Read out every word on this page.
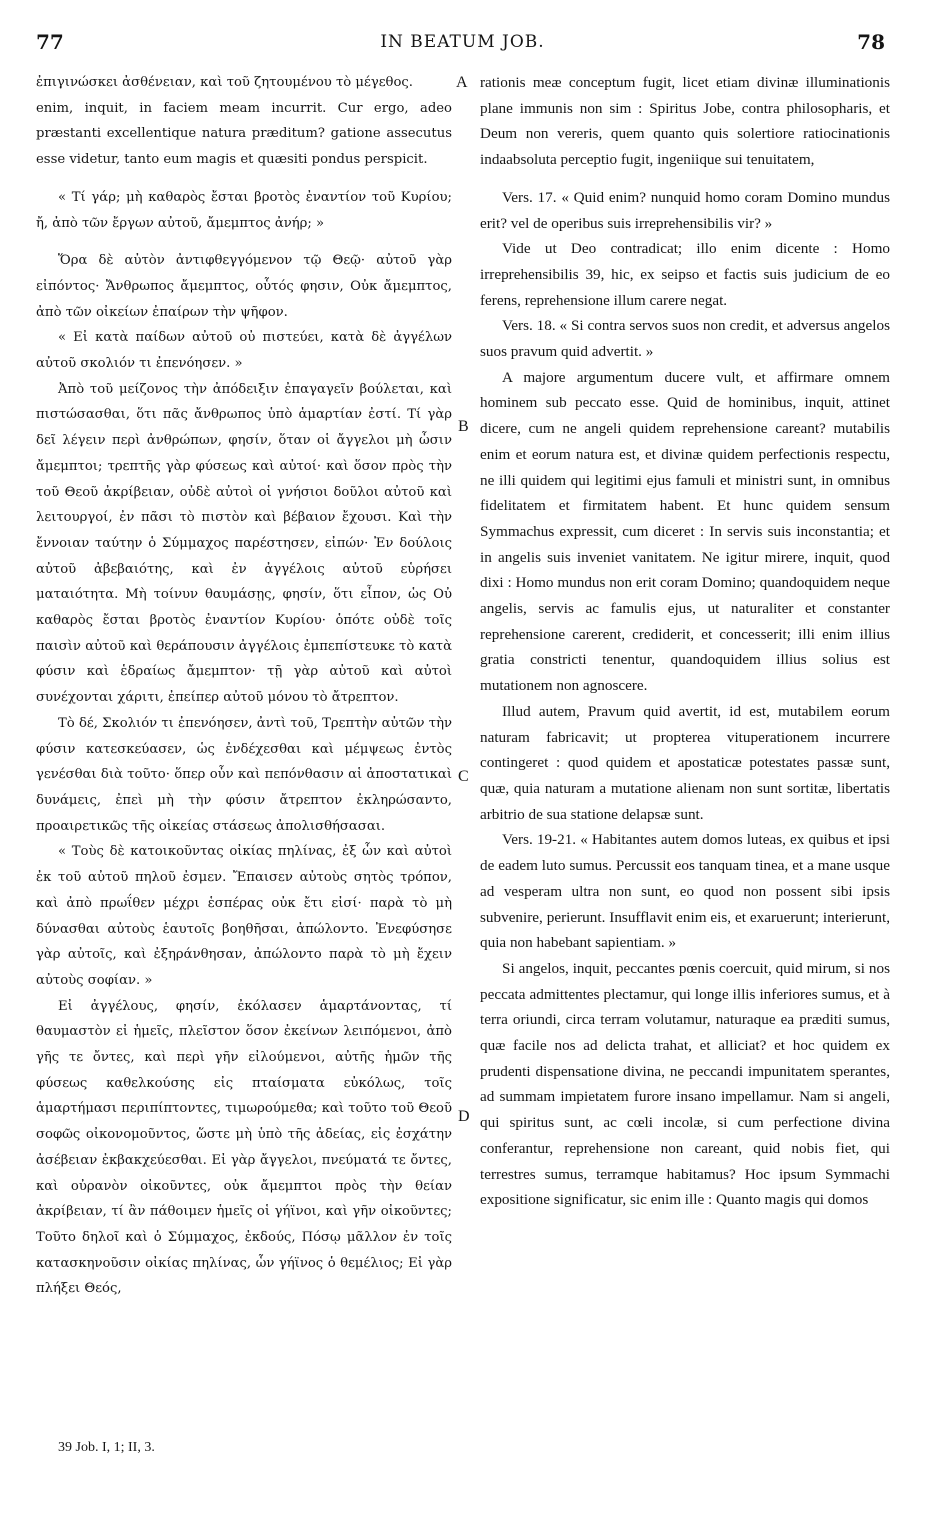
77	IN BEATUM JOB.	78

ἐπιγινώσκει ἀσθένειαν, καὶ τοῦ ζητουμένου τὸ μέγεθος.

enim, inquit, in faciem meam incurrit. Cur ergo, adeo præstanti excellentique natura præditum? gatione assecutus esse videtur, tanto eum magis et quæsiti pondus perspicit.

« Τί γάρ; μὴ καθαρὸς ἔσται βροτὸς ἐναντίον τοῦ Κυρίου; ἤ, ἀπὸ τῶν ἔργων αὐτοῦ, ἄμεμπτος ἀνήρ; »

Ὅρα δὲ αὐτὸν ἀντιφθεγγόμενον τῷ Θεῷ· αὐτοῦ γὰρ εἰπόντος· Ἄνθρωπος ἄμεμπτος, οὗτός φησιν, Οὐκ ἄμεμπτος, ἀπὸ τῶν οἰκείων ἐπαίρων τὴν ψῆφον.

« Εἰ κατὰ παίδων αὐτοῦ οὐ πιστεύει, κατὰ δὲ ἀγγέλων αὐτοῦ σκολιόν τι ἐπενόησεν. »

Ἀπὸ τοῦ μείζονος τὴν ἀπόδειξιν ἐπαγαγεῖν βούλεται, καὶ πιστώσασθαι, ὅτι πᾶς ἄνθρωπος ὑπὸ ἁμαρτίαν ἐστί. Τί γὰρ δεῖ λέγειν περὶ ἀνθρώπων, φησίν, ὅταν οἱ ἄγγελοι μὴ ὦσιν ἄμεμπτοι; τρεπτῆς γὰρ φύσεως καὶ αὐτοί· καὶ ὅσον πρὸς τὴν τοῦ Θεοῦ ἀκρίβειαν, οὐδὲ αὐτοὶ οἱ γνήσιοι δοῦλοι αὐτοῦ καὶ λειτουργοί, ἐν πᾶσι τὸ πιστὸν καὶ βέβαιον ἔχουσι. Καὶ τὴν ἔννοιαν ταύτην ὁ Σύμμαχος παρέστησεν, εἰπών· Ἐν δούλοις αὐτοῦ ἀβεβαιότης, καὶ ἐν ἀγγέλοις αὐτοῦ εὑρήσει ματαιότητα. Μὴ τοίνυν θαυμάσῃς, φησίν, ὅτι εἶπον, ὡς Οὐ καθαρὸς ἔσται βροτὸς ἐναντίον Κυρίου· ὁπότε οὐδὲ τοῖς παισὶν αὐτοῦ καὶ θεράπουσιν ἀγγέλοις ἐμπεπίστευκε τὸ κατὰ φύσιν καὶ ἑδραίως ἄμεμπτον· τῇ γὰρ αὐτοῦ καὶ αὐτοὶ συνέχονται χάριτι, ἐπείπερ αὐτοῦ μόνου τὸ ἄτρεπτον.

Τὸ δέ, Σκολιόν τι ἐπενόησεν, ἀντὶ τοῦ, Τρεπτὴν αὐτῶν τὴν φύσιν κατεσκεύασεν, ὡς ἐνδέχεσθαι καὶ μέμψεως ἐντὸς γενέσθαι διὰ τοῦτο· ὅπερ οὖν καὶ πεπόνθασιν αἱ ἀποστατικαὶ δυνάμεις, ἐπεὶ μὴ τὴν φύσιν ἄτρεπτον ἐκληρώσαντο, προαιρετικῶς τῆς οἰκείας στάσεως ἀπολισθήσασαι.

« Τοὺς δὲ κατοικοῦντας οἰκίας πηλίνας, ἐξ ὧν καὶ αὐτοὶ ἐκ τοῦ αὐτοῦ πηλοῦ ἐσμεν. Ἔπαισεν αὐτοὺς σητὸς τρόπον, καὶ ἀπὸ πρωΐθεν μέχρι ἑσπέρας οὐκ ἔτι εἰσί· παρὰ τὸ μὴ δύνασθαι αὐτοὺς ἑαυτοῖς βοηθῆσαι, ἀπώλοντο. Ἐνεφύσησε γὰρ αὐτοῖς, καὶ ἐξηράνθησαν, ἀπώλοντο παρὰ τὸ μὴ ἔχειν αὐτοὺς σοφίαν. »

Εἰ ἀγγέλους, φησίν, ἐκόλασεν ἁμαρτάνοντας, τί θαυμαστὸν εἰ ἡμεῖς, πλεῖστον ὅσον ἐκείνων λειπόμενοι, ἀπὸ γῆς τε ὄντες, καὶ περὶ γῆν εἰλούμενοι, αὐτῆς ἡμῶν τῆς φύσεως καθελκούσης εἰς πταίσματα εὐκόλως, τοῖς ἁμαρτήμασι περιπίπτοντες, τιμωρούμεθα; καὶ τοῦτο τοῦ Θεοῦ σοφῶς οἰκονομοῦντος, ὥστε μὴ ὑπὸ τῆς ἀδείας, εἰς ἐσχάτην ἀσέβειαν ἐκβακχεύεσθαι. Εἰ γὰρ ἄγγελοι, πνεύματά τε ὄντες, καὶ οὐρανὸν οἰκοῦντες, οὐκ ἄμεμπτοι πρὸς τὴν θείαν ἀκρίβειαν, τί ἂν πάθοιμεν ἡμεῖς οἱ γήϊνοι, καὶ γῆν οἰκοῦντες; Τοῦτο δηλοῖ καὶ ὁ Σύμμαχος, ἐκδούς, Πόσῳ μᾶλλον ἐν τοῖς κατασκηνοῦσιν οἰκίας πηλίνας, ὧν γήϊνος ὁ θεμέλιος; Εἰ γὰρ πλήξει Θεός,

A
B
C
D

rationis meæ conceptum fugit, licet etiam divinæ illuminationis plane immunis non sim : Spiritus Jobe, contra philosopharis, et Deum non vereris, quem quanto quis solertiore ratiocinationis indaabsoluta perceptio fugit, ingeniique sui tenuitatem,

Vers. 17. « Quid enim? nunquid homo coram Domino mundus erit? vel de operibus suis irreprehensibilis vir? »

Vide ut Deo contradicat; illo enim dicente : Homo irreprehensibilis 39, hic, ex seipso et factis suis judicium de eo ferens, reprehensione illum carere negat.

Vers. 18. « Si contra servos suos non credit, et adversus angelos suos pravum quid advertit. »

A majore argumentum ducere vult, et affirmare omnem hominem sub peccato esse. Quid de hominibus, inquit, attinet dicere, cum ne angeli quidem reprehensione careant? mutabilis enim et eorum natura est, et divinæ quidem perfectionis respectu, ne illi quidem qui legitimi ejus famuli et ministri sunt, in omnibus fidelitatem et firmitatem habent. Et hunc quidem sensum Symmachus expressit, cum diceret : In servis suis inconstantia; et in angelis suis inveniet vanitatem. Ne igitur mirere, inquit, quod dixi : Homo mundus non erit coram Domino; quandoquidem neque angelis, servis ac famulis ejus, ut naturaliter et constanter reprehensione carerent, crediderit, et concesserit; illi enim illius gratia constricti tenentur, quandoquidem illius solius est mutationem non agnoscere.

Illud autem, Pravum quid avertit, id est, mutabilem eorum naturam fabricavit; ut propterea vituperationem incurrere contingeret : quod quidem et apostaticæ potestates passæ sunt, quæ, quia naturam a mutatione alienam non sunt sortitæ, libertatis arbitrio de sua statione delapsæ sunt.

Vers. 19-21. « Habitantes autem domos luteas, ex quibus et ipsi de eadem luto sumus. Percussit eos tanquam tinea, et a mane usque ad vesperam ultra non sunt, eo quod non possent sibi ipsis subvenire, perierunt. Insufflavit enim eis, et exaruerunt; interierunt, quia non habebant sapientiam. »

Si angelos, inquit, peccantes pœnis coercuit, quid mirum, si nos peccata admittentes plectamur, qui longe illis inferiores sumus, et à terra oriundi, circa terram volutamur, naturaque ea præditi sumus, quæ facile nos ad delicta trahat, et alliciat? et hoc quidem ex prudenti dispensatione divina, ne peccandi impunitatem sperantes, ad summam impietatem furore insano impellamur. Nam si angeli, qui spiritus sunt, ac cœli incolæ, si cum perfectione divina conferantur, reprehensione non careant, quid nobis fiet, qui terrestres sumus, terramque habitamus? Hoc ipsum Symmachi expositione significatur, sic enim ille : Quanto magis qui domos

39 Job. I, 1; II, 3.
